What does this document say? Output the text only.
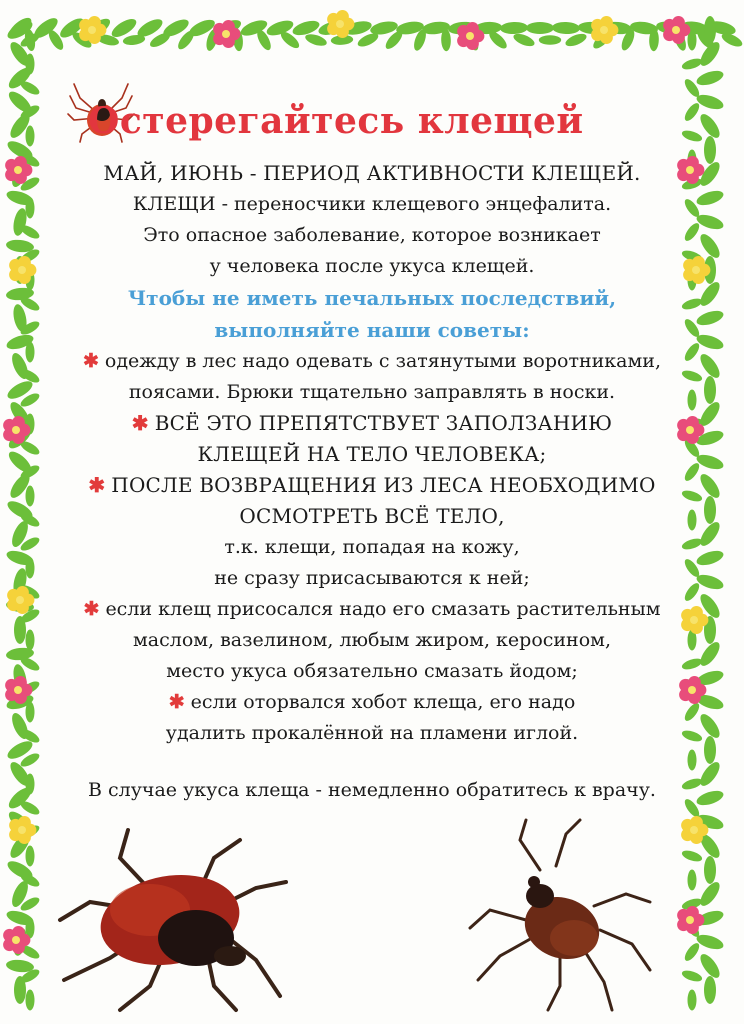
Остерегайтесь клещей
МАЙ, ИЮНЬ - ПЕРИОД АКТИВНОСТИ КЛЕЩЕЙ.
КЛЕЩИ - переносчики клещевого энцефалита.
Это опасное заболевание, которое возникает
у человека после укуса клещей.
Чтобы не иметь печальных последствий,
выполняйте наши советы:
✱ одежду в лес надо одевать с затянутыми воротниками,
поясами. Брюки тщательно заправлять в носки.
✱ ВСЁ ЭТО ПРЕПЯТСТВУЕТ ЗАПОЛЗАНИЮ
КЛЕЩЕЙ НА ТЕЛО ЧЕЛОВЕКА;
✱ ПОСЛЕ ВОЗВРАЩЕНИЯ ИЗ ЛЕСА НЕОБХОДИМО
ОСМОТРЕТЬ ВСЁ ТЕЛО,
т.к. клещи, попадая на кожу,
не сразу присасываются к ней;
✱ если клещ присосался надо его смазать растительным
маслом, вазелином, любым жиром, керосином,
место укуса обязательно смазать йодом;
✱ если оторвался хобот клеща, его надо
удалить прокалённой на пламени иглой.
В случае укуса клеща - немедленно обратитесь к врачу.
